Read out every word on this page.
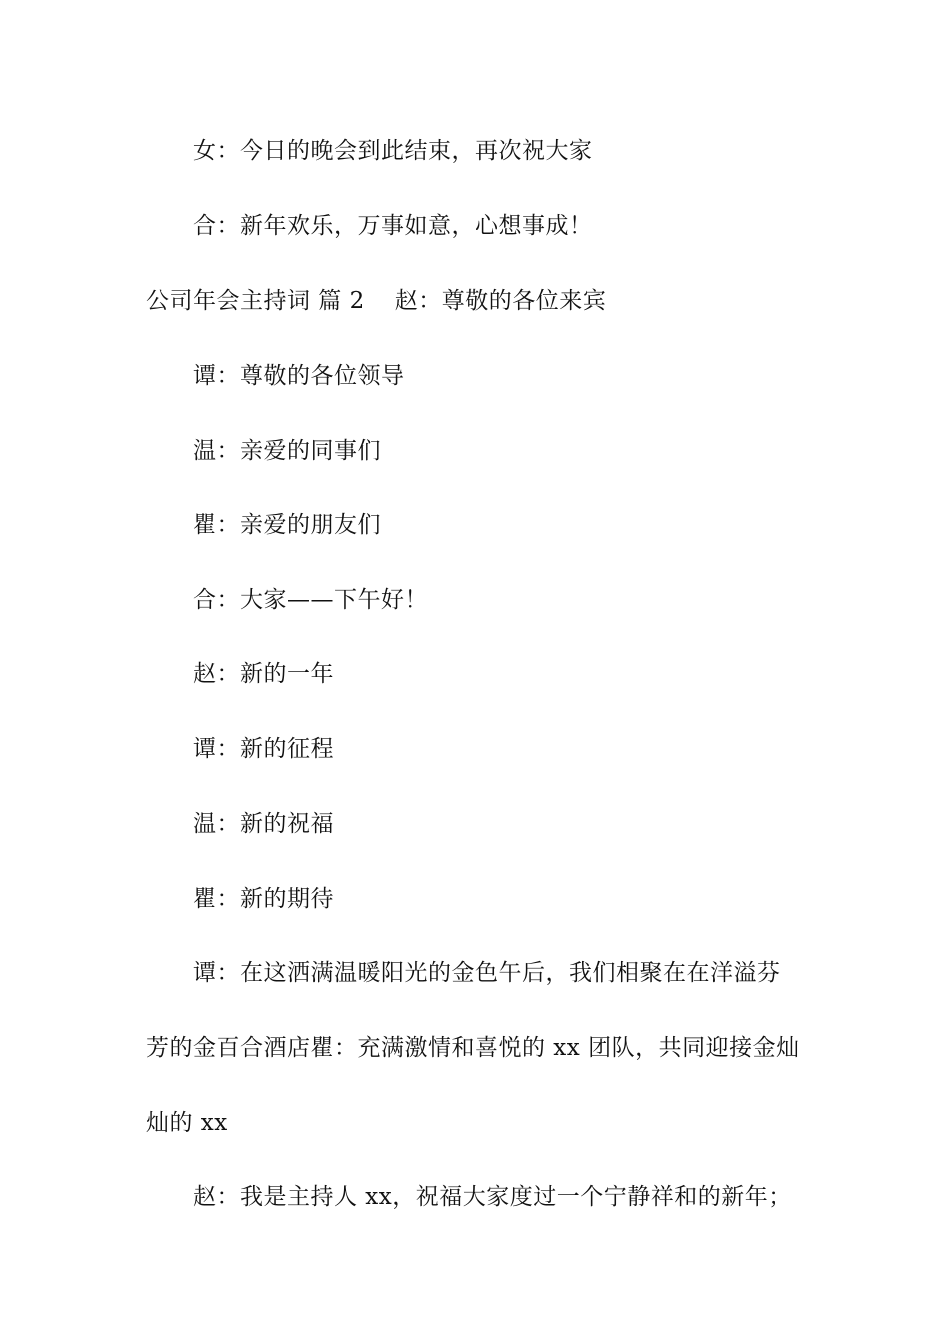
女：今日的晚会到此结束，再次祝大家
合：新年欢乐，万事如意，心想事成！
公司年会主持词 篇 2 赵：尊敬的各位来宾
谭：尊敬的各位领导
温：亲爱的同事们
瞿：亲爱的朋友们
合：大家——下午好！
赵：新的一年
谭：新的征程
温：新的祝福
瞿：新的期待
谭：在这洒满温暖阳光的金色午后，我们相聚在在洋溢芬
芳的金百合酒店瞿：充满激情和喜悦的 xx 团队，共同迎接金灿
灿的 xx
赵：我是主持人 xx，祝福大家度过一个宁静祥和的新年；
